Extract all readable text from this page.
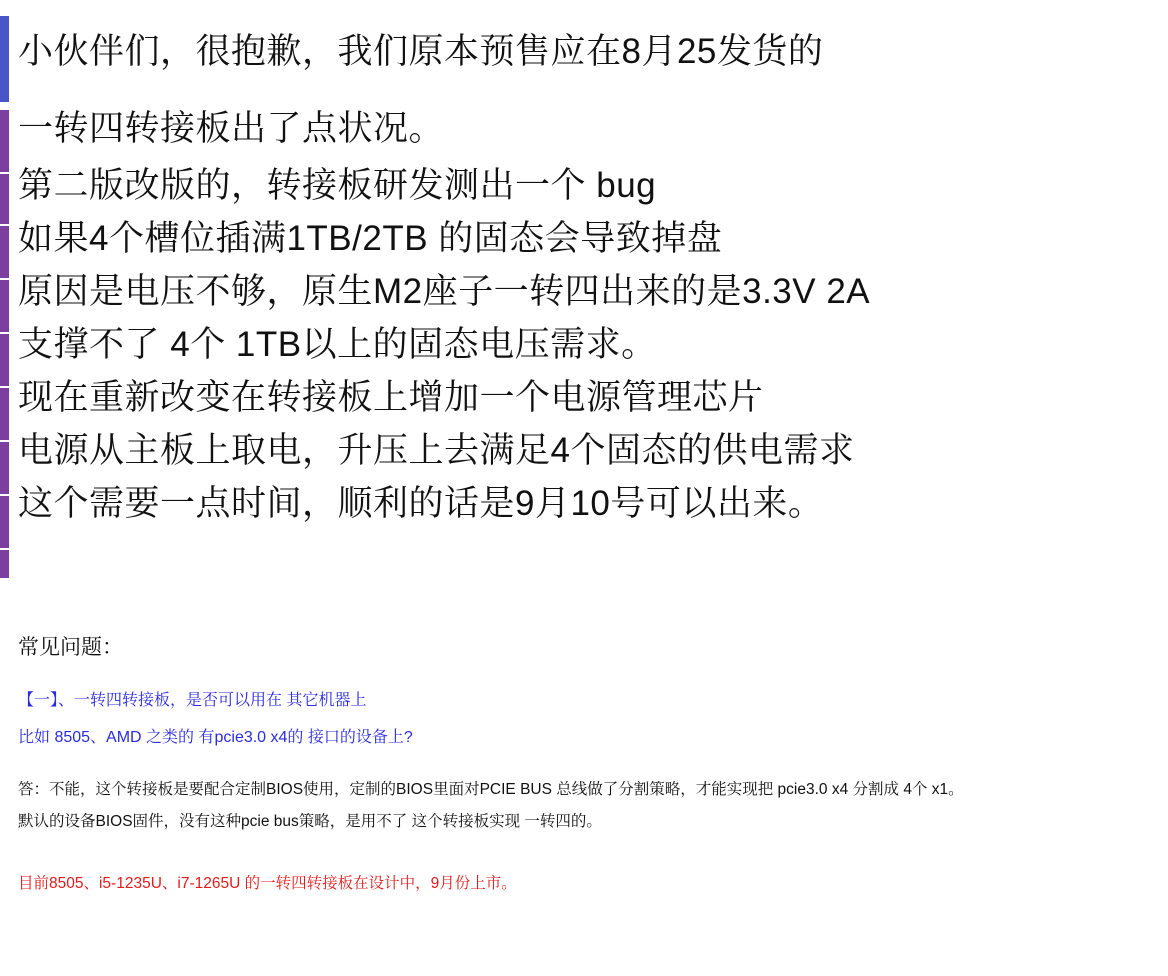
小伙伴们，很抱歉，我们原本预售应在8月25发货的
一转四转接板出了点状况。
第二版改版的，转接板研发测出一个 bug
如果4个槽位插满1TB/2TB 的固态会导致掉盘
原因是电压不够，原生M2座子一转四出来的是3.3V 2A
支撑不了 4个 1TB以上的固态电压需求。
现在重新改变在转接板上增加一个电源管理芯片
电源从主板上取电，升压上去满足4个固态的供电需求
这个需要一点时间，顺利的话是9月10号可以出来。
常见问题：
【一】、一转四转接板，是否可以用在 其它机器上
比如 8505、AMD 之类的 有pcie3.0 x4的 接口的设备上?
答：不能，这个转接板是要配合定制BIOS使用，定制的BIOS里面对PCIE BUS 总线做了分割策略，才能实现把 pcie3.0 x4 分割成 4个 x1。
默认的设备BIOS固件，没有这种pcie bus策略，是用不了 这个转接板实现 一转四的。
目前8505、i5-1235U、i7-1265U 的一转四转接板在设计中，9月份上市。
